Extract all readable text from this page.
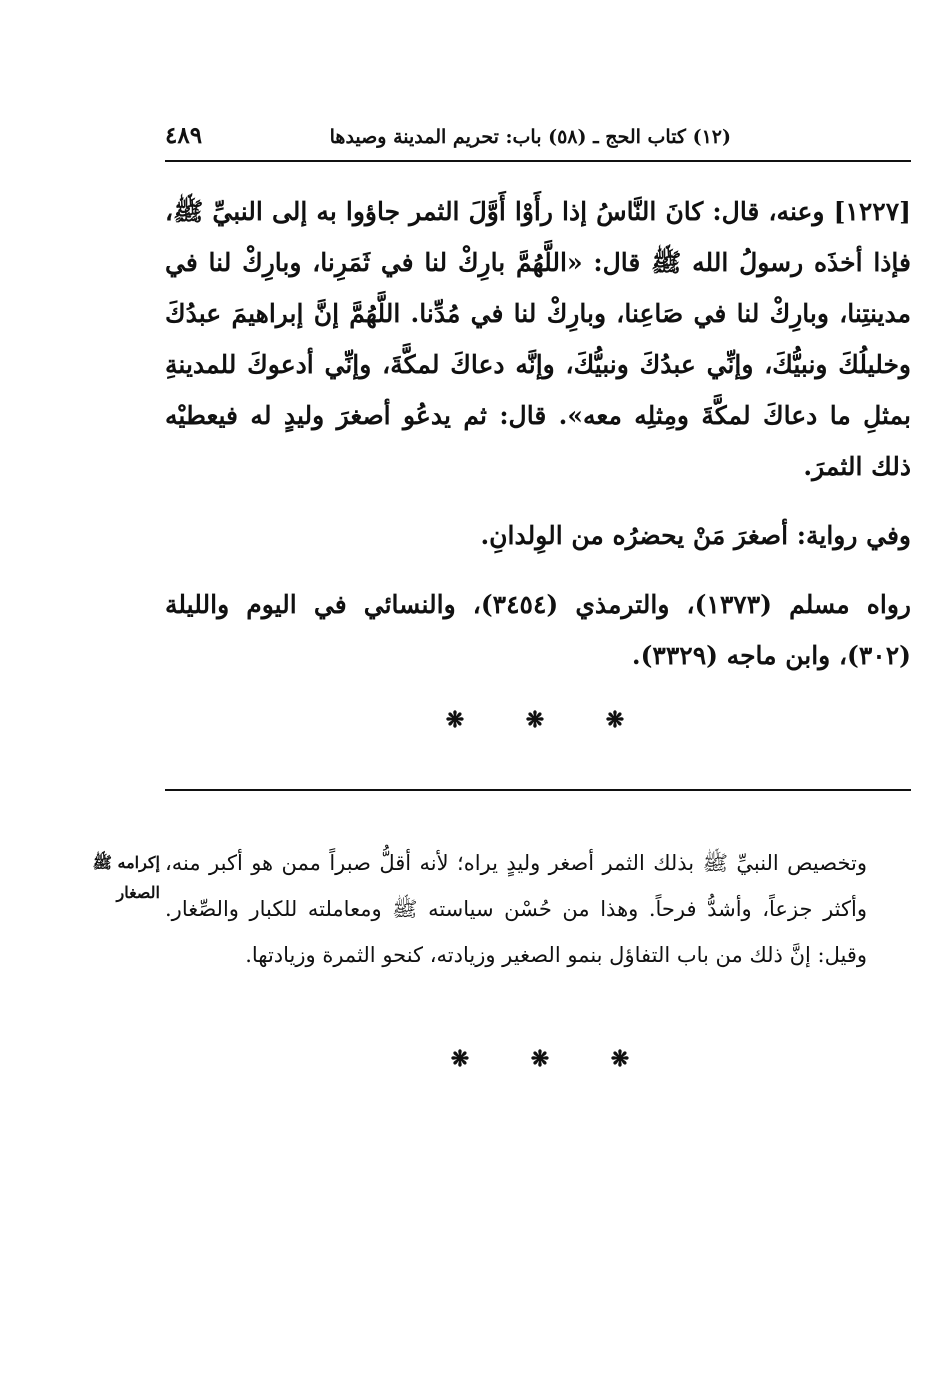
(١٢) كتاب الحج ـ (٥٨) باب: تحريم المدينة وصيدها
٤٨٩

[١٢٢٧] وعنه، قال: كانَ النَّاسُ إذا رأَوْا أَوَّلَ الثمر جاؤوا به إلى النبيِّ ﷺ، فإذا أخذَه رسولُ الله ﷺ قال: «اللَّهُمَّ بارِكْ لنا في ثَمَرِنا، وبارِكْ لنا في مدينتِنا، وبارِكْ لنا في صَاعِنا، وبارِكْ لنا في مُدِّنا. اللَّهُمَّ إنَّ إبراهيمَ عبدُكَ وخليلُكَ ونبيُّكَ، وإنِّي عبدُكَ ونبيُّكَ، وإنَّه دعاكَ لمكَّةَ، وإنِّي أدعوكَ للمدينةِ بمثلِ ما دعاكَ لمكَّةَ ومِثلِه معه». قال: ثم يدعُو أصغرَ وليدٍ له فيعطيْه ذلك الثمرَ.

وفي رواية: أصغرَ مَنْ يحضرُه من الوِلدانِ.

رواه مسلم (١٣٧٣)، والترمذي (٣٤٥٤)، والنسائي في اليوم والليلة (٣٠٢)، وابن ماجه (٣٣٢٩).

❋	❋	❋
إكرامه ﷺ الصغار

وتخصيص النبيِّ ﷺ بذلك الثمر أصغر وليدٍ يراه؛ لأنه أقلُّ صبراً ممن هو أكبر منه، وأكثر جزعاً، وأشدُّ فرحاً. وهذا من حُسْن سياسته ﷺ ومعاملته للكبار والصِّغار. وقيل: إنَّ ذلك من باب التفاؤل بنمو الصغير وزيادته، كنحو الثمرة وزيادتها.

❋	❋	❋
